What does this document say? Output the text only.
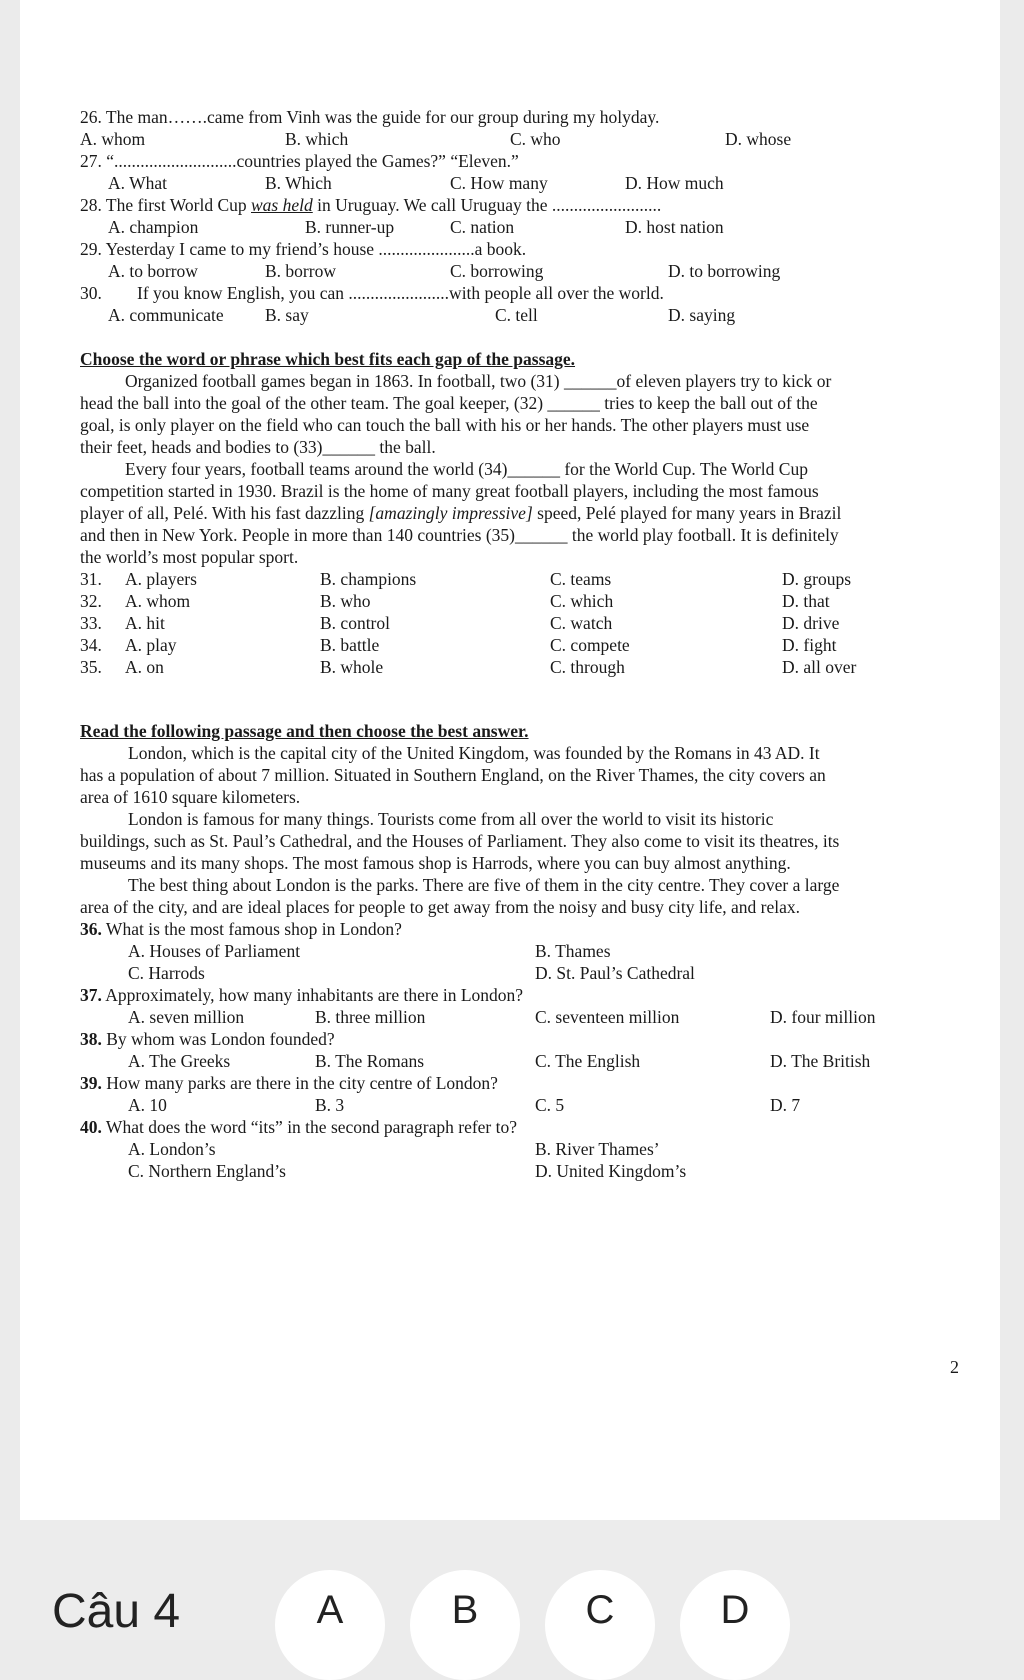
26. The man…….came from Vinh was the guide for our group during my holyday.
A. whom	B. which	C. who	D. whose
27. “............................countries played the Games?” “Eleven.”
A. What	B. Which	C. How many	D. How much
28. The first World Cup was held in Uruguay. We call Uruguay the .........................
A. champion	B. runner-up	C. nation	D. host nation
29. Yesterday I came to my friend’s house ......................a book.
A. to borrow	B. borrow	C. borrowing	D. to borrowing
30. If you know English, you can .......................with people all over the world.
A. communicate B. say	C. tell	D. saying
Choose the word or phrase which best fits each gap of the passage.
Organized football games began in 1863. In football, two (31) ______of eleven players try to kick or
head the ball into the goal of the other team. The goal keeper, (32) ______ tries to keep the ball out of the
goal, is only player on the field who can touch the ball with his or her hands. The other players must use
their feet, heads and bodies to (33)______ the ball.
Every four years, football teams around the world (34)______ for the World Cup. The World Cup
competition started in 1930. Brazil is the home of many great football players, including the most famous
player of all, Pelé. With his fast dazzling [amazingly impressive] speed, Pelé played for many years in Brazil
and then in New York. People in more than 140 countries (35)______ the world play football. It is definitely
the world’s most popular sport.
31. A. players	B. champions	C. teams	D. groups
32. A. whom	B. who	C. which	D. that
33. A. hit	B. control	C. watch	D. drive
34. A. play	B. battle	C. compete	D. fight
35. A. on	B. whole	C. through	D. all over
Read the following passage and then choose the best answer.
London, which is the capital city of the United Kingdom, was founded by the Romans in 43 AD. It
has a population of about 7 million. Situated in Southern England, on the River Thames, the city covers an
area of 1610 square kilometers.
London is famous for many things. Tourists come from all over the world to visit its historic
buildings, such as St. Paul’s Cathedral, and the Houses of Parliament. They also come to visit its theatres, its
museums and its many shops. The most famous shop is Harrods, where you can buy almost anything.
The best thing about London is the parks. There are five of them in the city centre. They cover a large
area of the city, and are ideal places for people to get away from the noisy and busy city life, and relax.
36. What is the most famous shop in London?
A. Houses of Parliament	B. Thames
C. Harrods	D. St. Paul’s Cathedral
37. Approximately, how many inhabitants are there in London?
A. seven million	B. three million	C. seventeen million	D. four million
38. By whom was London founded?
A. The Greeks	B. The Romans	C. The English	D. The British
39. How many parks are there in the city centre of London?
A. 10	B. 3	C. 5	D. 7
40. What does the word “its” in the second paragraph refer to?
A. London’s	B. River Thames’
C. Northern England’s	D. United Kingdom’s
2
Câu 4	A	B	C	D
